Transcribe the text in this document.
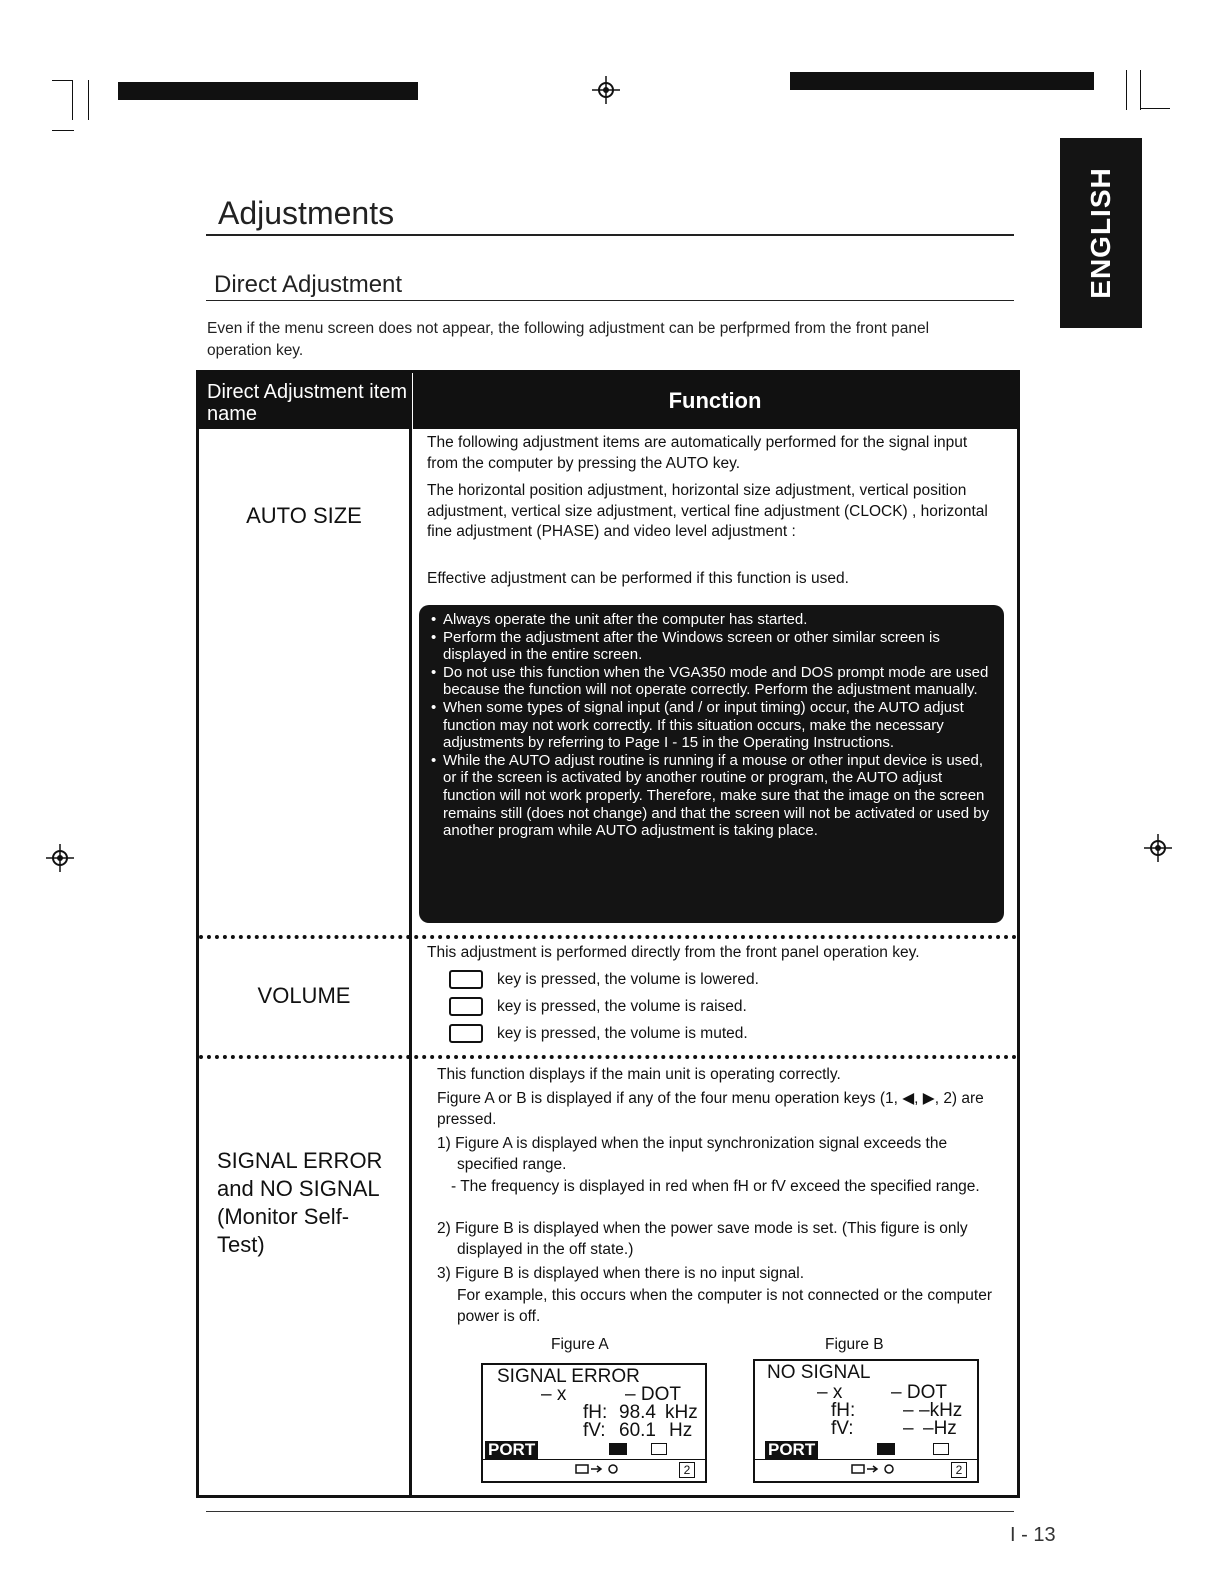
ENGLISH
Adjustments
Direct Adjustment
Even if the menu screen does not appear, the following adjustment can be perfprmed from the front panel operation key.
Direct Adjustment item name
Function
AUTO SIZE
The following adjustment items are automatically performed for the signal input from the computer by pressing the AUTO key.
The horizontal position adjustment, horizontal size adjustment, vertical position adjustment, vertical size adjustment, vertical fine adjustment (CLOCK) , horizontal fine adjustment (PHASE) and video level adjustment :
Effective adjustment can be performed if this function is used.
• Always operate the unit after the computer has started.
• Perform the adjustment after the Windows screen or other similar screen is displayed in the entire screen.
• Do not use this function when the VGA350 mode and DOS prompt mode are used because the function will not operate correctly. Perform the adjustment manually.
• When some types of signal input (and / or input timing) occur, the AUTO adjust function may not work correctly. If this situation occurs, make the necessary adjustments by referring to Page I - 15 in the Operating Instructions.
• While the AUTO adjust routine is running if a mouse or other input device is used, or if the screen is activated by another routine or program, the AUTO adjust function will not work properly. Therefore, make sure that the image on the screen remains still (does not change) and that the screen will not be activated or used by another program while AUTO adjustment is taking place.
VOLUME
This adjustment is performed directly from the front panel operation key.
key is pressed, the volume is lowered.
key is pressed, the volume is raised.
key is pressed, the volume is muted.
SIGNAL ERROR
and NO SIGNAL
(Monitor Self-
Test)
This function displays if the main unit is operating correctly.
Figure A or B is displayed if any of the four menu operation keys (1, ◀, ▶, 2) are pressed.
1) Figure A is displayed when the input synchronization signal exceeds the specified range.
- The frequency is displayed in red when fH or fV exceed the specified range.
2) Figure B is displayed when the power save mode is set. (This figure is only displayed in the off state.)
3) Figure B is displayed when there is no input signal.
For example, this occurs when the computer is not connected or the computer power is off.
Figure A	Figure B
SIGNAL ERROR
– x	– DOT
fH: 98.4 kHz
fV: 60.1 Hz
PORT
2
NO SIGNAL
– x	– DOT
fH:	– –kHz
fV:	– –Hz
PORT
2
I - 13
